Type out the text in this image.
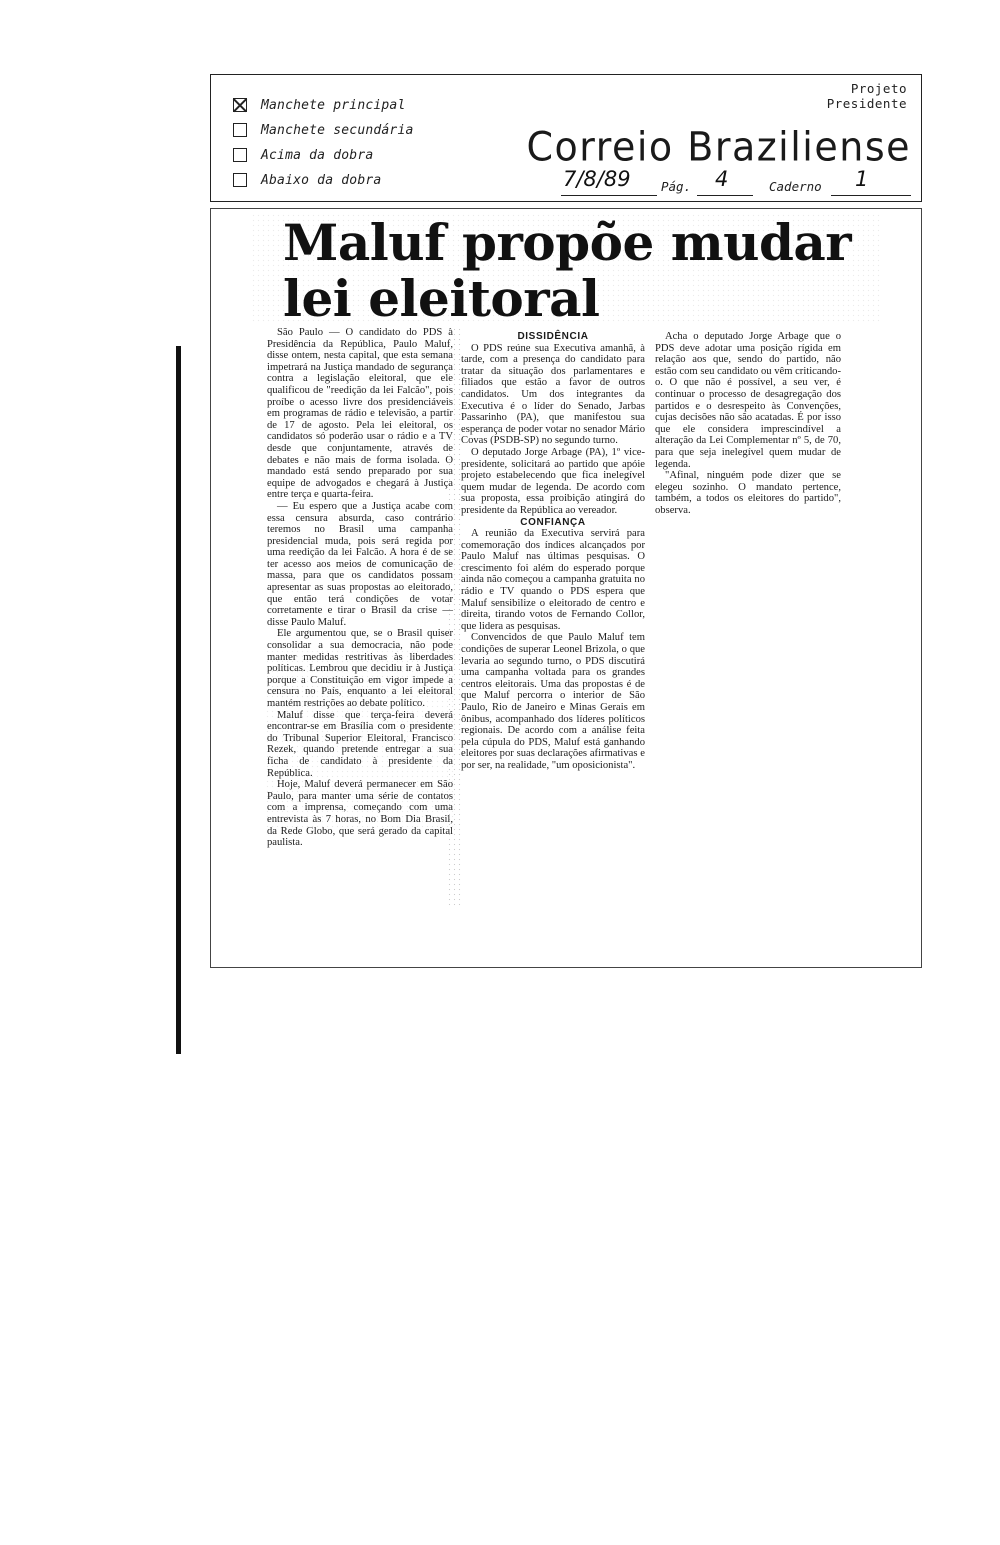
Manchete principal
Manchete secundária
Acima da dobra
Abaixo da dobra
Projeto
Presidente
Correio Braziliense
7/8/89 Pág. 4	Caderno 1
Maluf propõe mudar lei eleitoral

São Paulo — O candidato do PDS à Presidência da República, Paulo Maluf, disse ontem, nesta capital, que esta semana impetrará na Justiça mandado de segurança contra a legislação eleitoral, que ele qualificou de "reedição da lei Falcão", pois proíbe o acesso livre dos presidenciáveis em programas de rádio e televisão, a partir de 17 de agosto. Pela lei eleitoral, os candidatos só poderão usar o rádio e a TV desde que conjuntamente, através de debates e não mais de forma isolada. O mandado está sendo preparado por sua equipe de advogados e chegará à Justiça entre terça e quarta-feira.

— Eu espero que a Justiça acabe com essa censura absurda, caso contrário teremos no Brasil uma campanha presidencial muda, pois será regida por uma reedição da lei Falcão. A hora é de se ter acesso aos meios de comunicação de massa, para que os candidatos possam apresentar as suas propostas ao eleitorado, que então terá condições de votar corretamente e tirar o Brasil da crise — disse Paulo Maluf.

Ele argumentou que, se o Brasil quiser consolidar a sua democracia, não pode manter medidas restritivas às liberdades políticas. Lembrou que decidiu ir à Justiça porque a Constituição em vigor impede a censura no País, enquanto a lei eleitoral mantém restrições ao debate político.

Maluf disse que terça-feira deverá encontrar-se em Brasília com o presidente do Tribunal Superior Eleitoral, Francisco Rezek, quando pretende entregar a sua ficha de candidato à presidente da República.

Hoje, Maluf deverá permanecer em São Paulo, para manter uma série de contatos com a imprensa, começando com uma entrevista às 7 horas, no Bom Dia Brasil, da Rede Globo, que será gerado da capital paulista.

DISSIDÊNCIA

O PDS reúne sua Executiva amanhã, à tarde, com a presença do candidato para tratar da situação dos parlamentares e filiados que estão a favor de outros candidatos. Um dos integrantes da Executiva é o líder do Senado, Jarbas Passarinho (PA), que manifestou sua esperança de poder votar no senador Mário Covas (PSDB-SP) no segundo turno.

O deputado Jorge Arbage (PA), 1º vice-presidente, solicitará ao partido que apóie projeto estabelecendo que fica inelegível quem mudar de legenda. De acordo com sua proposta, essa proibição atingirá do presidente da República ao vereador.

CONFIANÇA

A reunião da Executiva servirá para comemoração dos índices alcançados por Paulo Maluf nas últimas pesquisas. O crescimento foi além do esperado porque ainda não começou a campanha gratuita no rádio e TV quando o PDS espera que Maluf sensibilize o eleitorado de centro e direita, tirando votos de Fernando Collor, que lidera as pesquisas.

Convencidos de que Paulo Maluf tem condições de superar Leonel Brizola, o que levaria ao segundo turno, o PDS discutirá uma campanha voltada para os grandes centros eleitorais. Uma das propostas é de que Maluf percorra o interior de São Paulo, Rio de Janeiro e Minas Gerais em ônibus, acompanhado dos líderes políticos regionais. De acordo com a análise feita pela cúpula do PDS, Maluf está ganhando eleitores por suas declarações afirmativas e por ser, na realidade, "um oposicionista".

Acha o deputado Jorge Arbage que o PDS deve adotar uma posição rígida em relação aos que, sendo do partido, não estão com seu candidato ou vêm criticando-o. O que não é possível, a seu ver, é continuar o processo de desagregação dos partidos e o desrespeito às Convenções, cujas decisões não são acatadas. É por isso que ele considera imprescindível a alteração da Lei Complementar nº 5, de 70, para que seja inelegível quem mudar de legenda.

"Afinal, ninguém pode dizer que se elegeu sozinho. O mandato pertence, também, a todos os eleitores do partido", observa.
